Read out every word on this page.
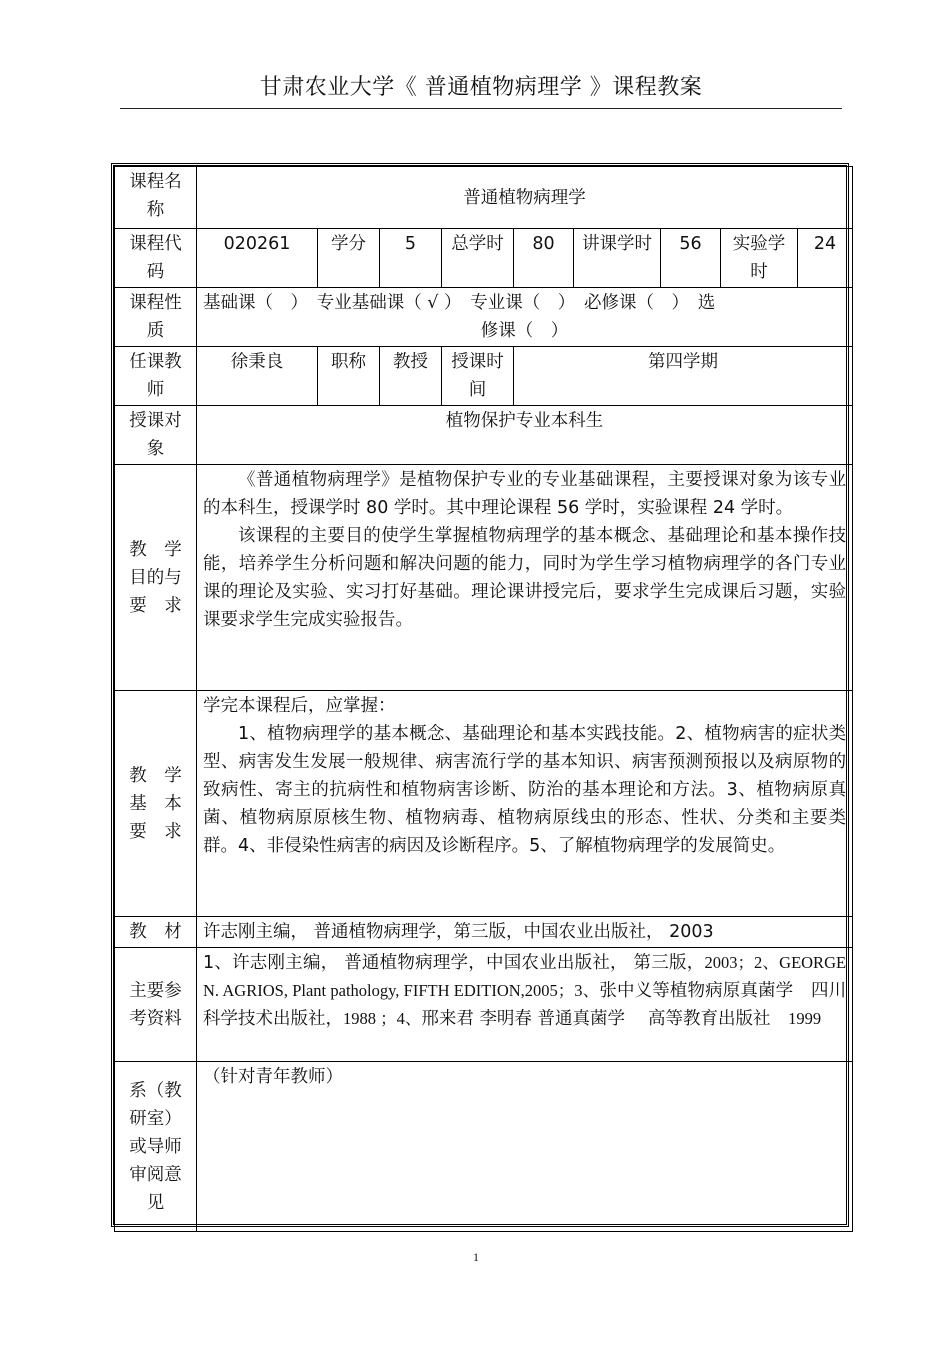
甘肃农业大学《 普通植物病理学 》课程教案
课程名称	普通植物病理学								
课程代码	020261	学分	5	总学时	80	讲课学时	56	实验学时	24
课程性质	基础课（　）　专业基础课（ √ ）　专业课（　）　必修课（　）　选
修课（　）								

任课教师	徐秉良	职称	教授	授课时间	第四学期				
授课对象	植物保护专业本科生								
教　学目的与要　求	《普通植物病理学》是植物保护专业的专业基础课程，主要授课对象为该专业的本科生，授课学时 80 学时。其中理论课程 56 学时，实验课程 24 学时。

该课程的主要目的使学生掌握植物病理学的基本概念、基础理论和基本操作技能，培养学生分析问题和解决问题的能力，同时为学生学习植物病理学的各门专业课的理论及实验、实习打好基础。理论课讲授完后，要求学生完成课后习题，实验课要求学生完成实验报告。								

教　学基　本要　求	学完本课程后，应掌握：

1、植物病理学的基本概念、基础理论和基本实践技能。2、植物病害的症状类型、病害发生发展一般规律、病害流行学的基本知识、病害预测预报以及病原物的致病性、寄主的抗病性和植物病害诊断、防治的基本理论和方法。3、植物病原真菌、植物病原原核生物、植物病毒、植物病原线虫的形态、性状、分类和主要类群。4、非侵染性病害的病因及诊断程序。5、了解植物病理学的发展简史。								

教　材	许志刚主编， 普通植物病理学，第三版，中国农业出版社， 2003								
主要参考资料	1、许志刚主编， 普通植物病理学，中国农业出版社， 第三版，2003；2、GEORGE N. AGRIOS, Plant pathology, FIFTH EDITION,2005；3、张中义等植物病原真菌学　四川科学技术出版社，1988 ；4、邢来君 李明春 普通真菌学　 高等教育出版社　1999								

系（教研室）或导师审阅意见	（针对青年教师）								
1
